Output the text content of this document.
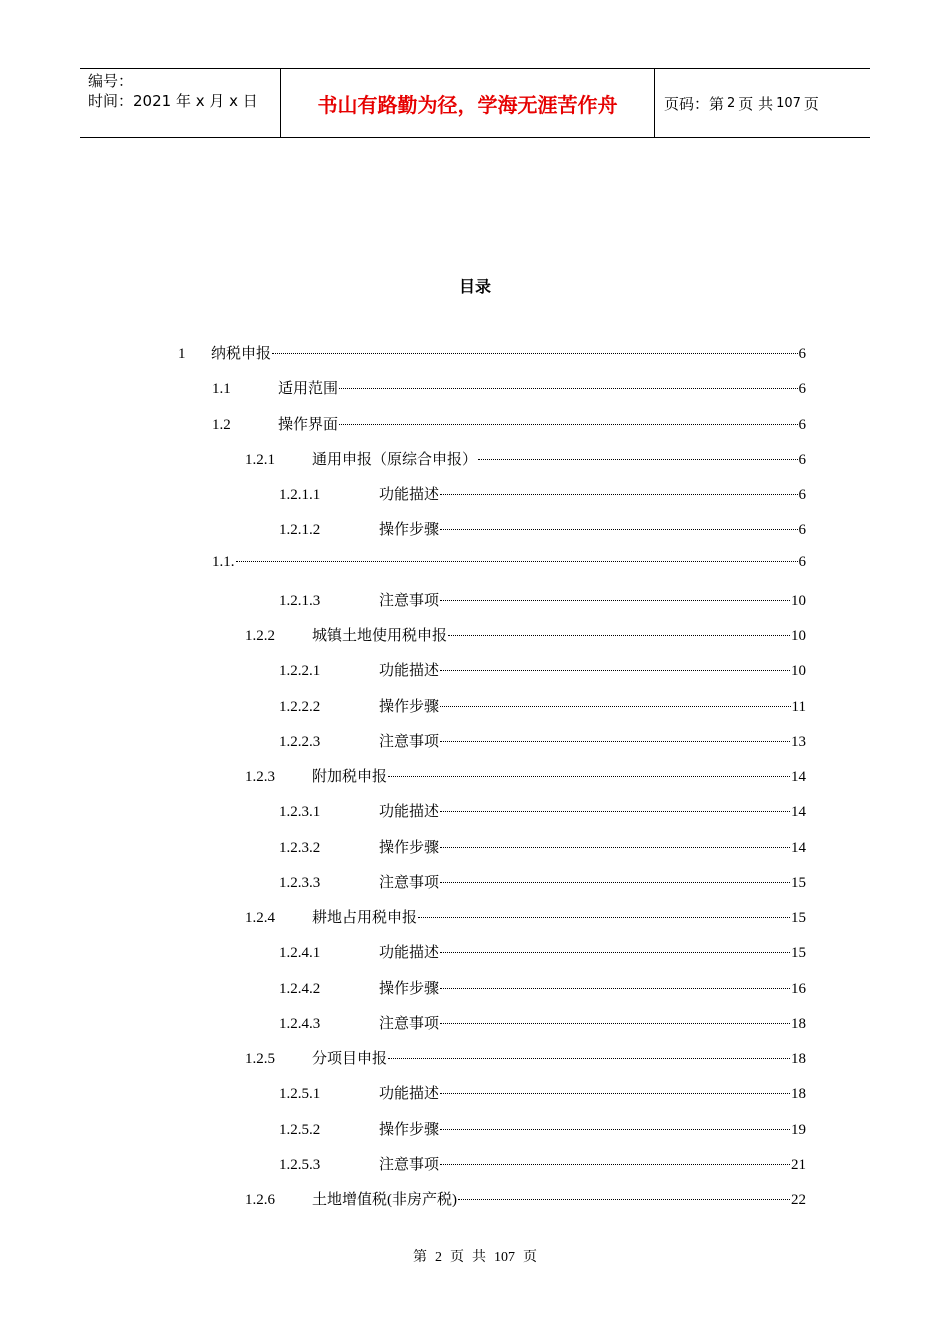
编号：
时间：2021 年 x 月 x 日	书山有路勤为径，学海无涯苦作舟	页码：第 2 页 共 107 页
目录
1	纳税申报	6
1.1	适用范围	6
1.2	操作界面	6
1.2.1	通用申报（原综合申报）	6
1.2.1.1	功能描述	6
1.2.1.2	操作步骤	6
1.1.	6
1.2.1.3	注意事项	10
1.2.2	城镇土地使用税申报	10
1.2.2.1	功能描述	10
1.2.2.2	操作步骤	11
1.2.2.3	注意事项	13
1.2.3	附加税申报	14
1.2.3.1	功能描述	14
1.2.3.2	操作步骤	14
1.2.3.3	注意事项	15
1.2.4	耕地占用税申报	15
1.2.4.1	功能描述	15
1.2.4.2	操作步骤	16
1.2.4.3	注意事项	18
1.2.5	分项目申报	18
1.2.5.1	功能描述	18
1.2.5.2	操作步骤	19
1.2.5.3	注意事项	21
1.2.6	土地增值税(非房产税)	22
第 2 页 共 107 页
